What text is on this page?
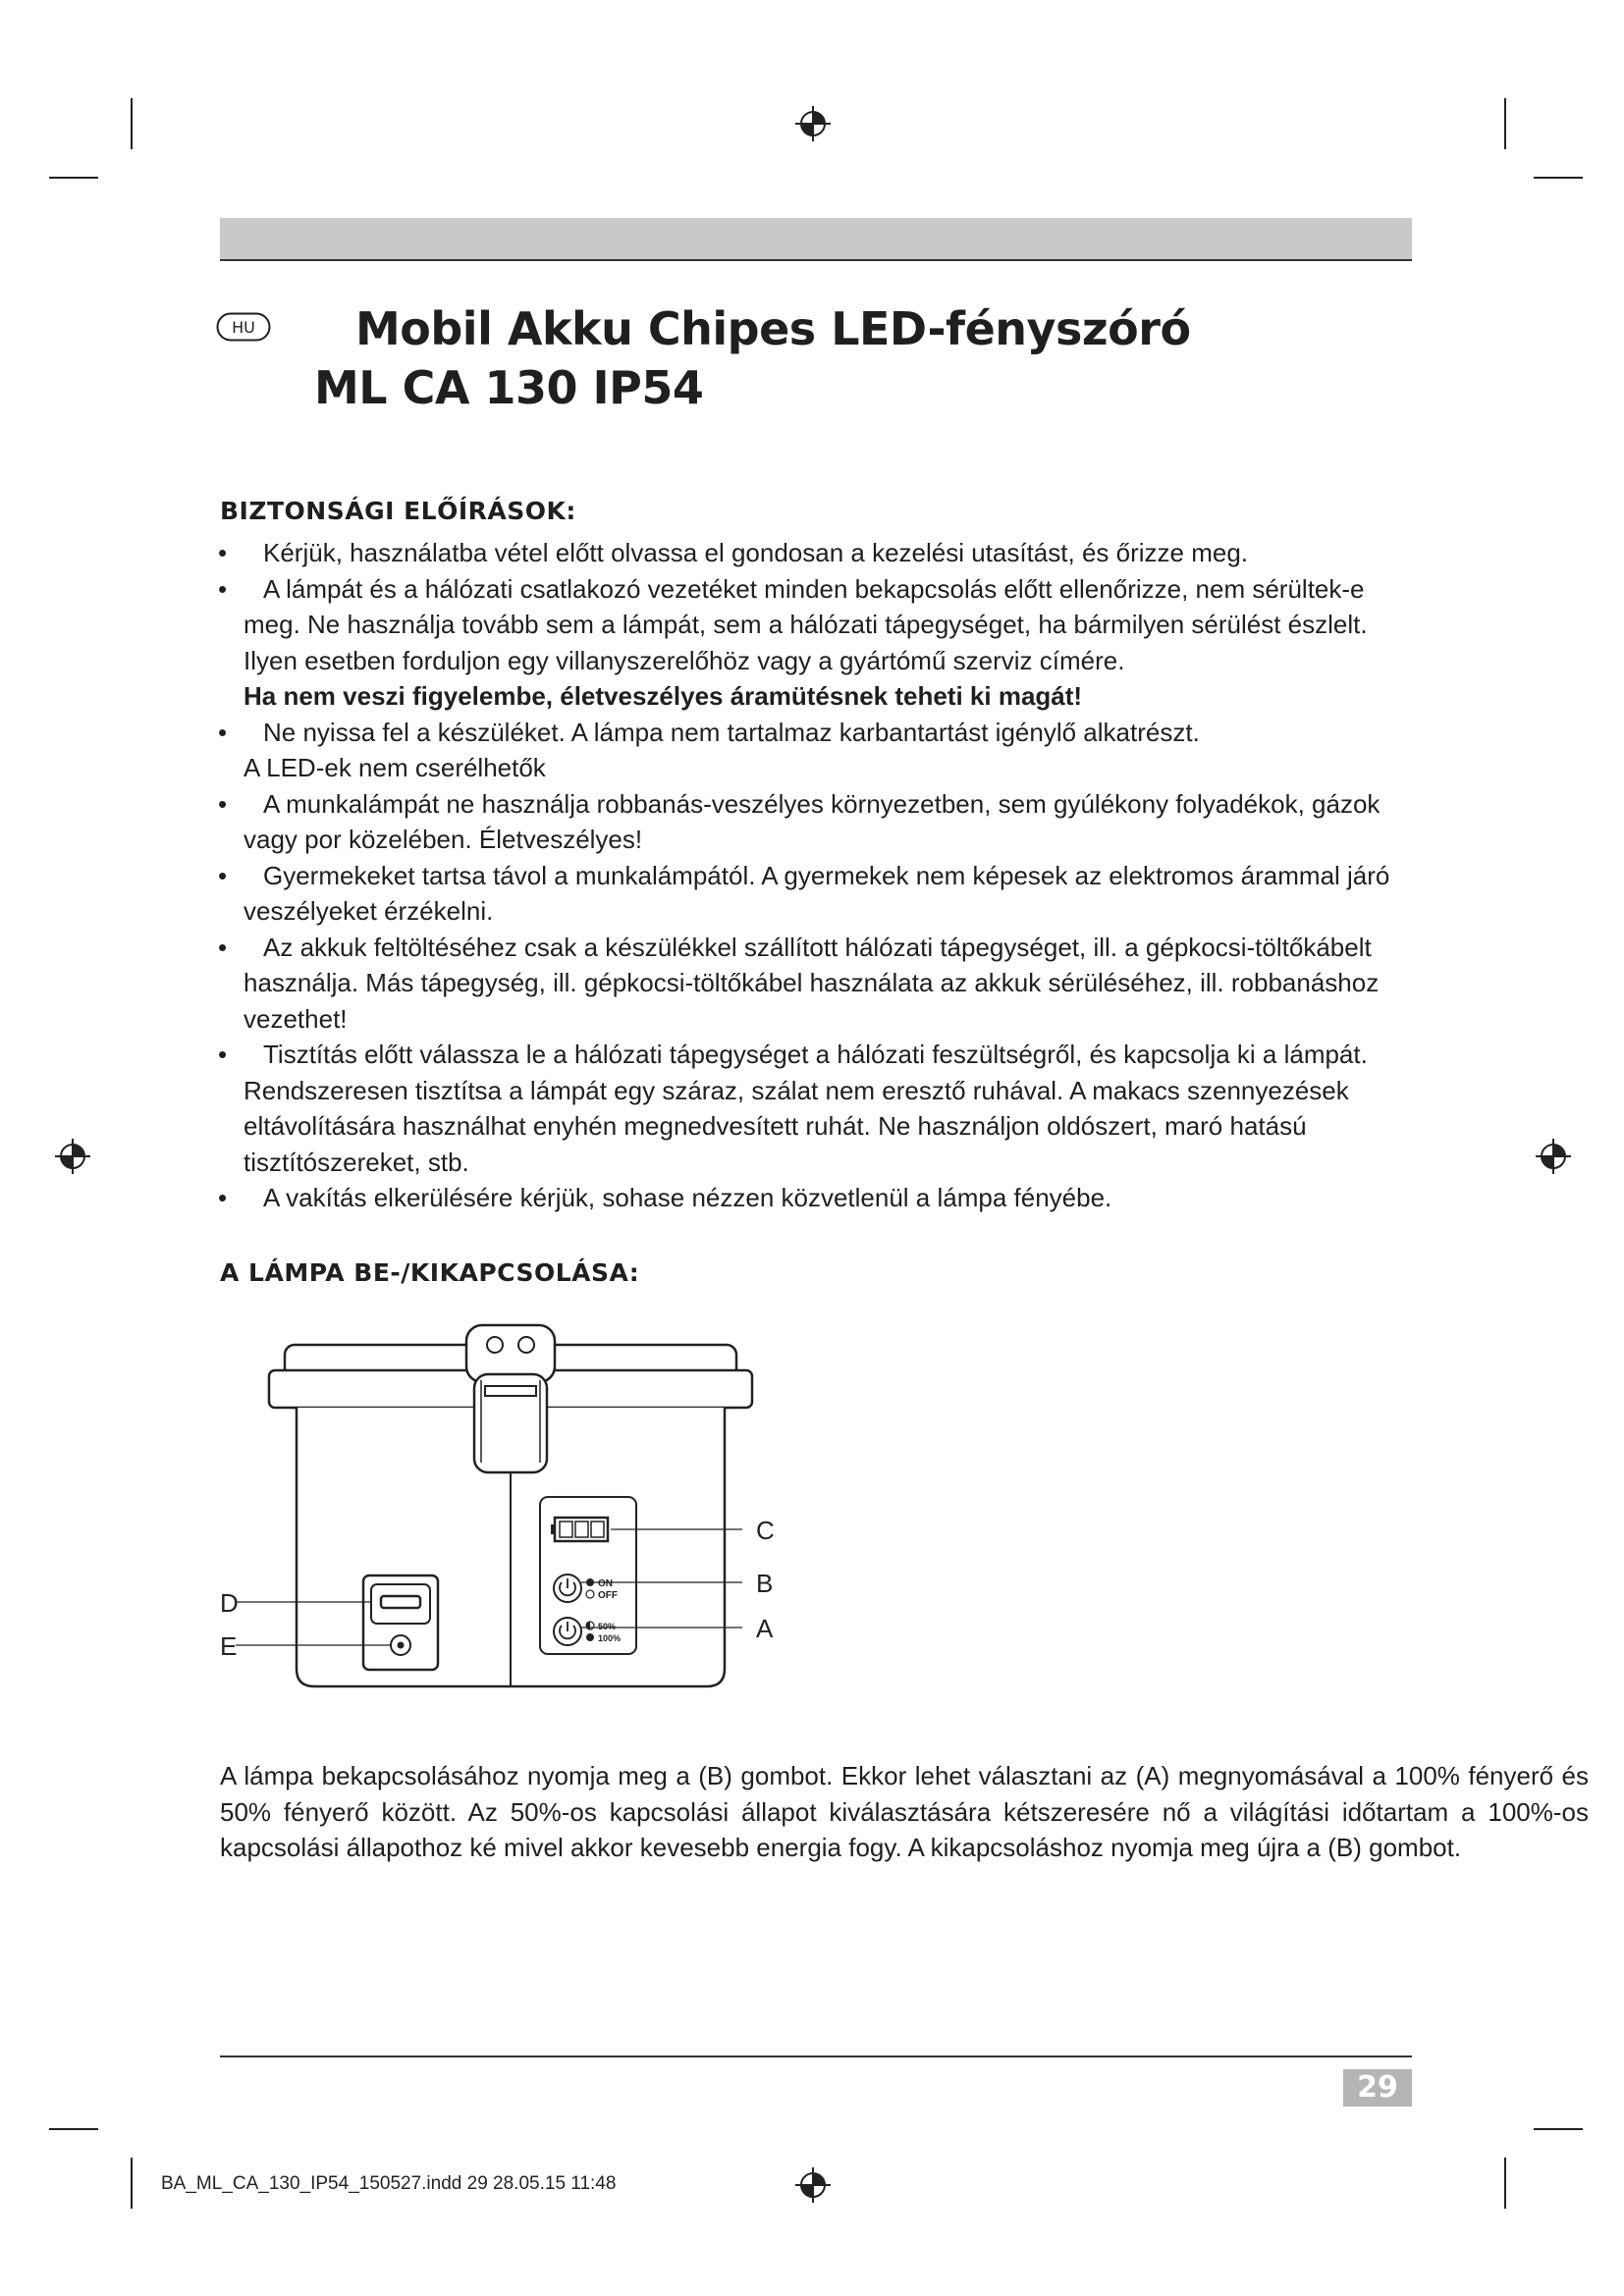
HU	Mobil Akku Chipes LED-fényszóró
ML CA 130 IP54
BIZTONSÁGI ELŐÍRÁSOK:
• Kérjük, használatba vétel előtt olvassa el gondosan a kezelési utasítást, és őrizze meg.
• A lámpát és a hálózati csatlakozó vezetéket minden bekapcsolás előtt ellenőrizze, nem sérültek-e meg. Ne használja tovább sem a lámpát, sem a hálózati tápegységet, ha bármilyen sérülést észlelt. Ilyen esetben forduljon egy villanyszerelőhöz vagy a gyártómű szerviz címére.
Ha nem veszi figyelembe, életveszélyes áramütésnek teheti ki magát!
• Ne nyissa fel a készüléket. A lámpa nem tartalmaz karbantartást igénylő alkatrészt.
A LED-ek nem cserélhetők
• A munkalámpát ne használja robbanás-veszélyes környezetben, sem gyúlékony folyadékok, gázok vagy por közelében. Életveszélyes!
• Gyermekeket tartsa távol a munkalámpától. A gyermekek nem képesek az elektromos árammal járó veszélyeket érzékelni.
• Az akkuk feltöltéséhez csak a készülékkel szállított hálózati tápegységet, ill. a gépkocsi-töltőkábelt használja. Más tápegység, ill. gépkocsi-töltőkábel használata az akkuk sérüléséhez, ill. robbanáshoz vezethet!
• Tisztítás előtt válassza le a hálózati tápegységet a hálózati feszültségről, és kapcsolja ki a lámpát. Rendszeresen tisztítsa a lámpát egy száraz, szálat nem eresztő ruhával. A makacs szennyezések eltávolítására használhat enyhén megnedvesített ruhát. Ne használjon oldószert, maró hatású tisztítószereket, stb.
• A vakítás elkerülésére kérjük, sohase nézzen közvetlenül a lámpa fényébe.
A LÁMPA BE-/KIKAPCSOLÁSA:
ON
OFF
50%
100%
C
B
A
D
E

A lámpa bekapcsolásához nyomja meg a (B) gombot. Ekkor lehet választani az (A) megnyomásával a 100% fényerő és 50% fényerő között. Az 50%-os kapcsolási állapot kiválasztására kétszeresére nő a világítási időtartam a 100%-os kapcsolási állapothoz ké mivel akkor kevesebb energia fogy. A kikapcsoláshoz nyomja meg újra a (B) gombot.

29
BA_ML_CA_130_IP54_150527.indd 29 28.05.15 11:48
